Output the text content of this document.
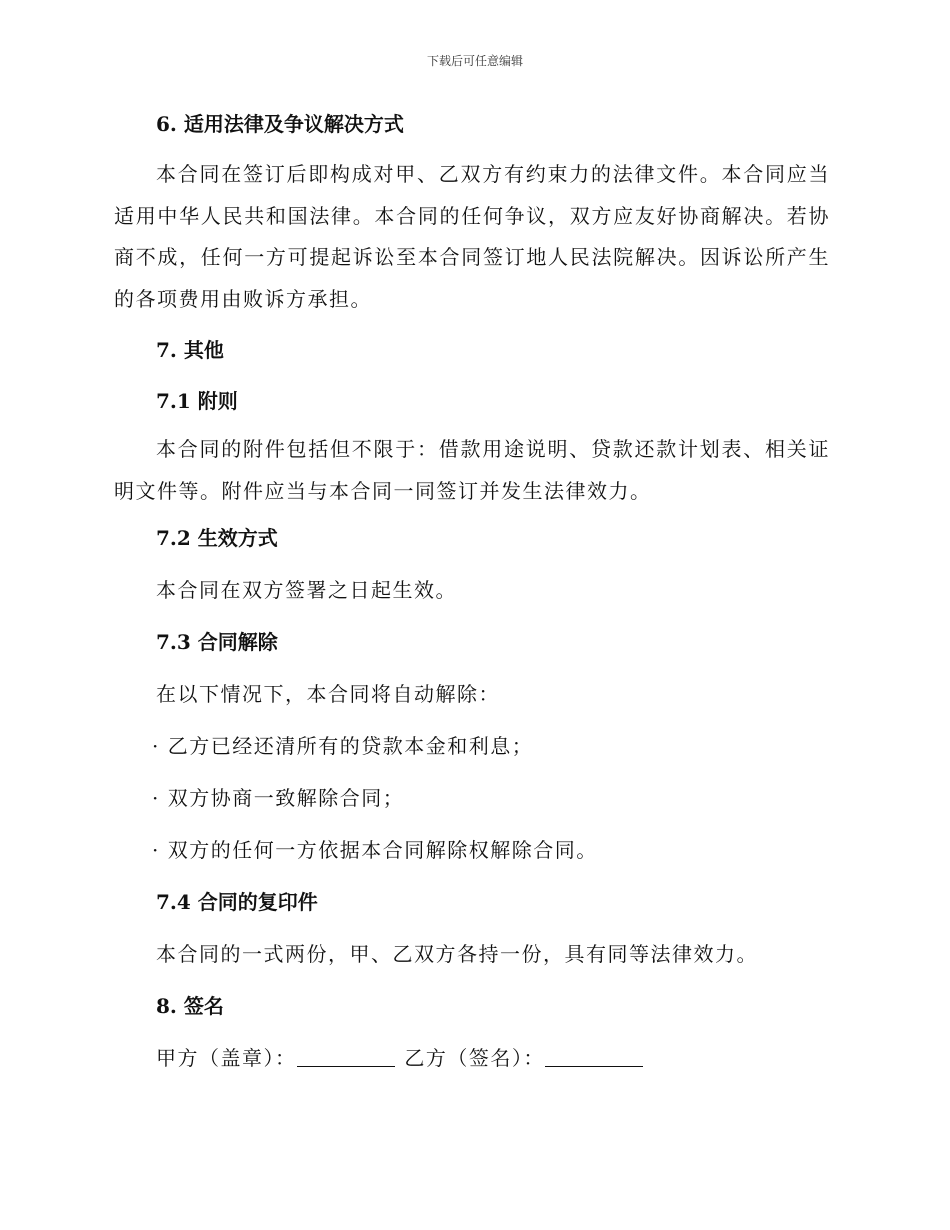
下载后可任意编辑
6. 适用法律及争议解决方式

本合同在签订后即构成对甲、乙双方有约束力的法律文件。本合同应当适用中华人民共和国法律。本合同的任何争议，双方应友好协商解决。若协商不成，任何一方可提起诉讼至本合同签订地人民法院解决。因诉讼所产生的各项费用由败诉方承担。

7. 其他
7.1 附则

本合同的附件包括但不限于：借款用途说明、贷款还款计划表、相关证明文件等。附件应当与本合同一同签订并发生法律效力。

7.2 生效方式
本合同在双方签署之日起生效。
7.3 合同解除
在以下情况下，本合同将自动解除：
· 乙方已经还清所有的贷款本金和利息；
· 双方协商一致解除合同；
· 双方的任何一方依据本合同解除权解除合同。
7.4 合同的复印件
本合同的一式两份，甲、乙双方各持一份，具有同等法律效力。
8. 签名
甲方（盖章）：	乙方（签名）：
